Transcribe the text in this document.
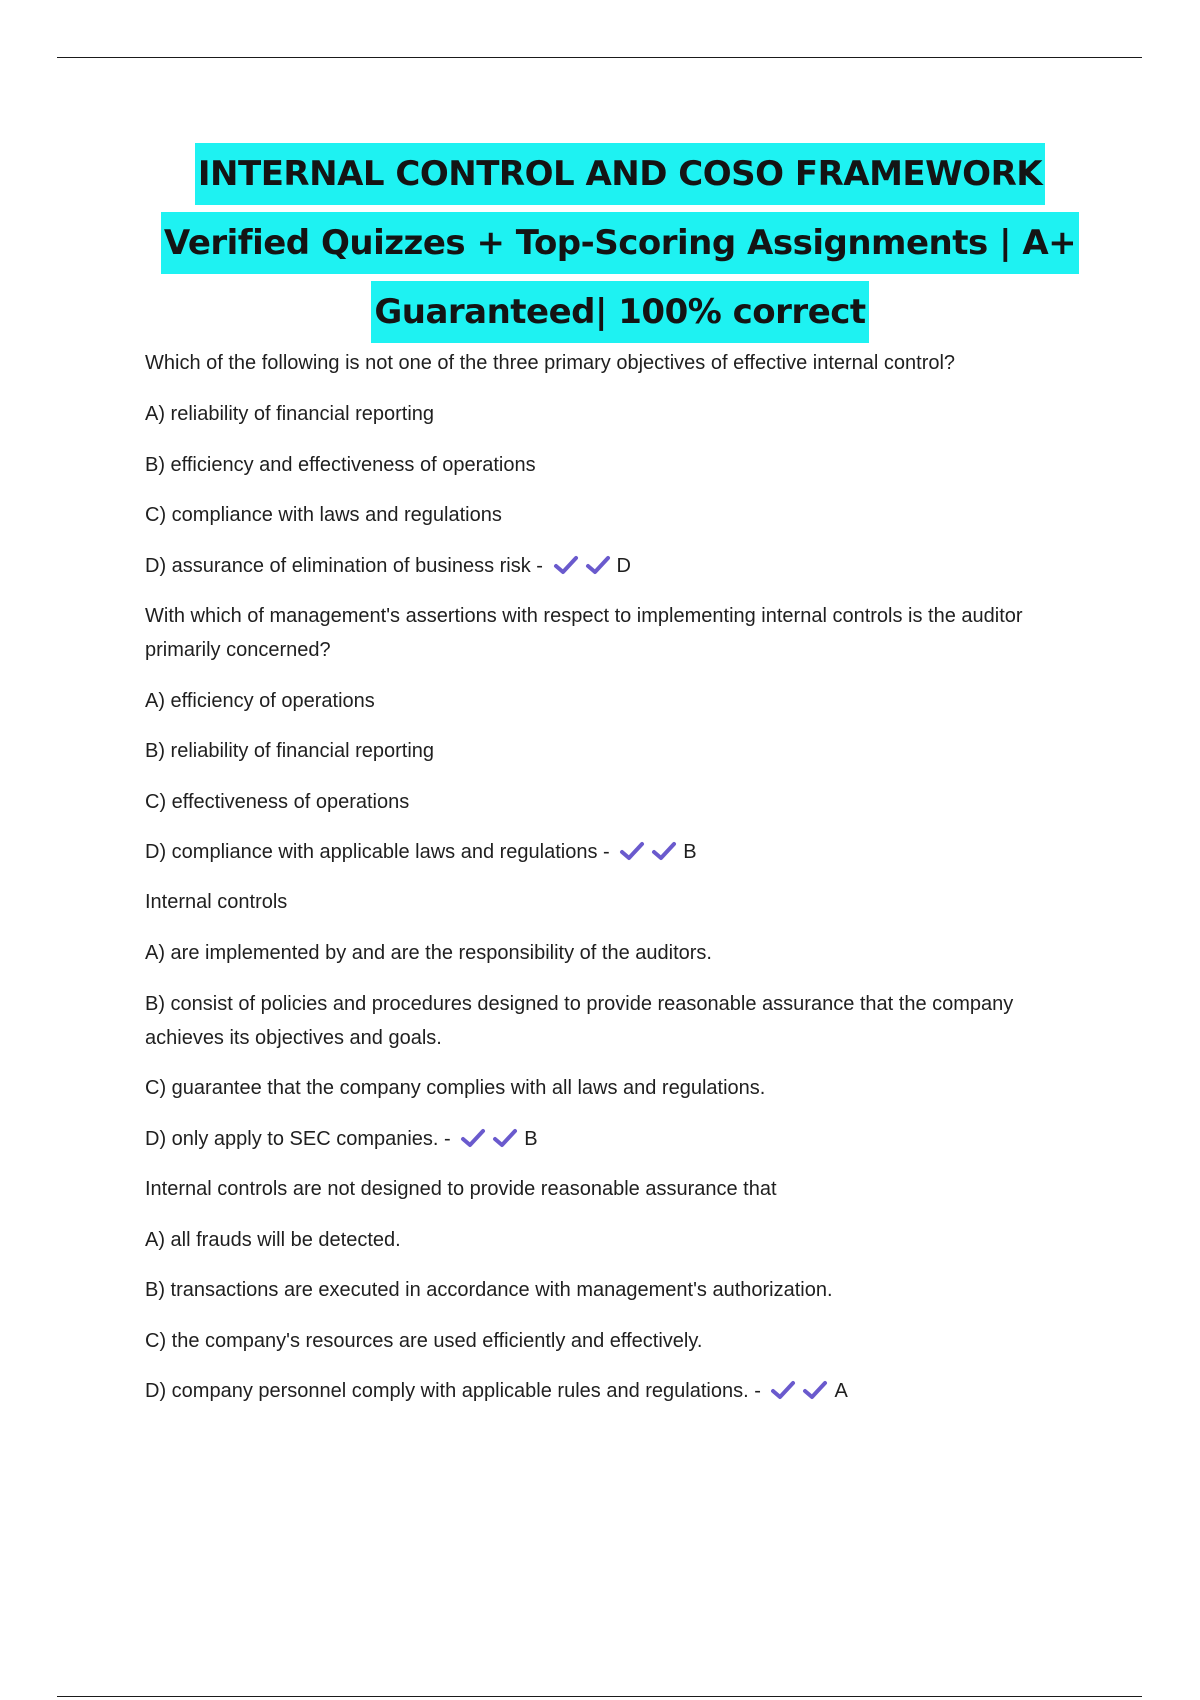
INTERNAL CONTROL AND COSO FRAMEWORK
Verified Quizzes + Top-Scoring Assignments | A+
Guaranteed| 100% correct

Which of the following is not one of the three primary objectives of effective internal control?

A) reliability of financial reporting

B) efficiency and effectiveness of operations

C) compliance with laws and regulations

D) assurance of elimination of business risk -	D

With which of management's assertions with respect to implementing internal controls is the auditor primarily concerned?

A) efficiency of operations

B) reliability of financial reporting

C) effectiveness of operations

D) compliance with applicable laws and regulations -	B

Internal controls

A) are implemented by and are the responsibility of the auditors.

B) consist of policies and procedures designed to provide reasonable assurance that the company achieves its objectives and goals.

C) guarantee that the company complies with all laws and regulations.

D) only apply to SEC companies. -	B

Internal controls are not designed to provide reasonable assurance that

A) all frauds will be detected.

B) transactions are executed in accordance with management's authorization.

C) the company's resources are used efficiently and effectively.

D) company personnel comply with applicable rules and regulations. -	A
